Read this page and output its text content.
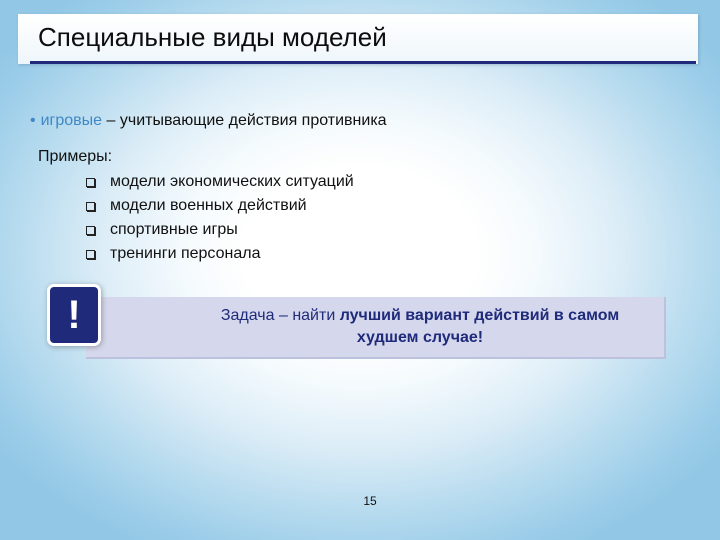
Специальные виды моделей
• игровые – учитывающие действия противника
Примеры:
модели экономических ситуаций
модели военных действий
спортивные игры
тренинги персонала

Задача – найти лучший вариант действий в самом худшем случае!

!
15
